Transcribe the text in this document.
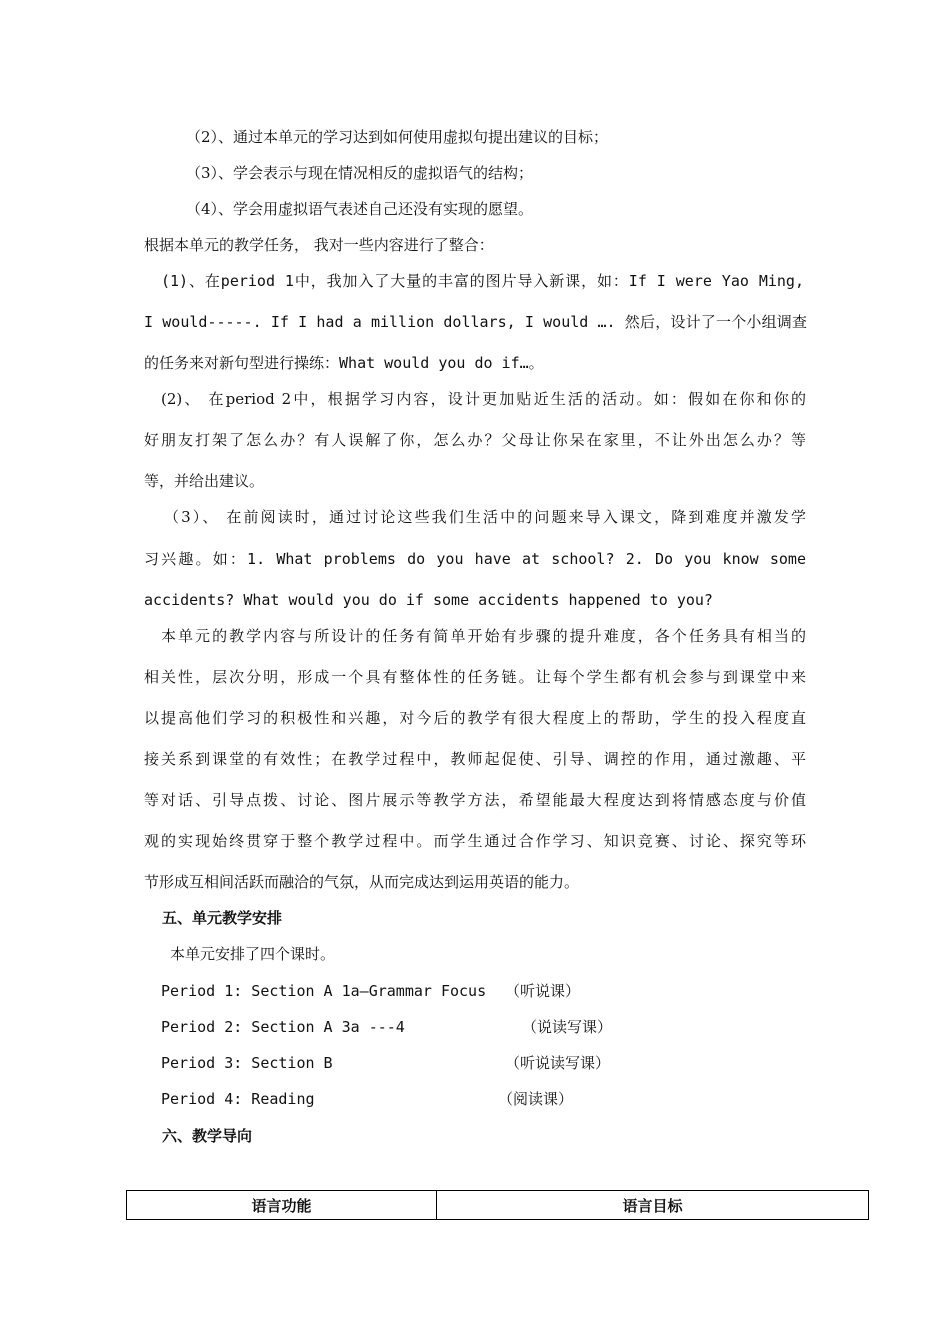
（2）、通过本单元的学习达到如何使用虚拟句提出建议的目标；
（3）、学会表示与现在情况相反的虚拟语气的结构；
（4）、学会用虚拟语气表述自己还没有实现的愿望。
根据本单元的教学任务， 我对一些内容进行了整合：
(1)、在period 1中，我加入了大量的丰富的图片导入新课，如：If I were Yao Ming,
I would-----. If I had a million dollars, I would …. 然后，设计了一个小组调查
的任务来对新句型进行操练：What would you do if…。
(2)、 在period 2中，根据学习内容，设计更加贴近生活的活动。如：假如在你和你的
好朋友打架了怎么办？有人误解了你，怎么办？父母让你呆在家里，不让外出怎么办？等
等，并给出建议。
（3）、 在前阅读时，通过讨论这些我们生活中的问题来导入课文，降到难度并激发学
习兴趣。如：1. What problems do you have at school? 2. Do you know some
accidents? What would you do if some accidents happened to you?
本单元的教学内容与所设计的任务有简单开始有步骤的提升难度，各个任务具有相当的
相关性，层次分明，形成一个具有整体性的任务链。让每个学生都有机会参与到课堂中来
以提高他们学习的积极性和兴趣，对今后的教学有很大程度上的帮助，学生的投入程度直
接关系到课堂的有效性；在教学过程中，教师起促使、引导、调控的作用，通过激趣、平
等对话、引导点拨、讨论、图片展示等教学方法，希望能最大程度达到将情感态度与价值
观的实现始终贯穿于整个教学过程中。而学生通过合作学习、知识竞赛、讨论、探究等环
节形成互相间活跃而融洽的气氛，从而完成达到运用英语的能力。
五、单元教学安排
本单元安排了四个课时。
Period 1: Section A 1a—Grammar Focus （听说课）
Period 2: Section A 3a ---4	（说读写课）
Period 3: Section B	（听说读写课）
Period 4: Reading	（阅读课）
六、教学导向
语言功能	语言目标
